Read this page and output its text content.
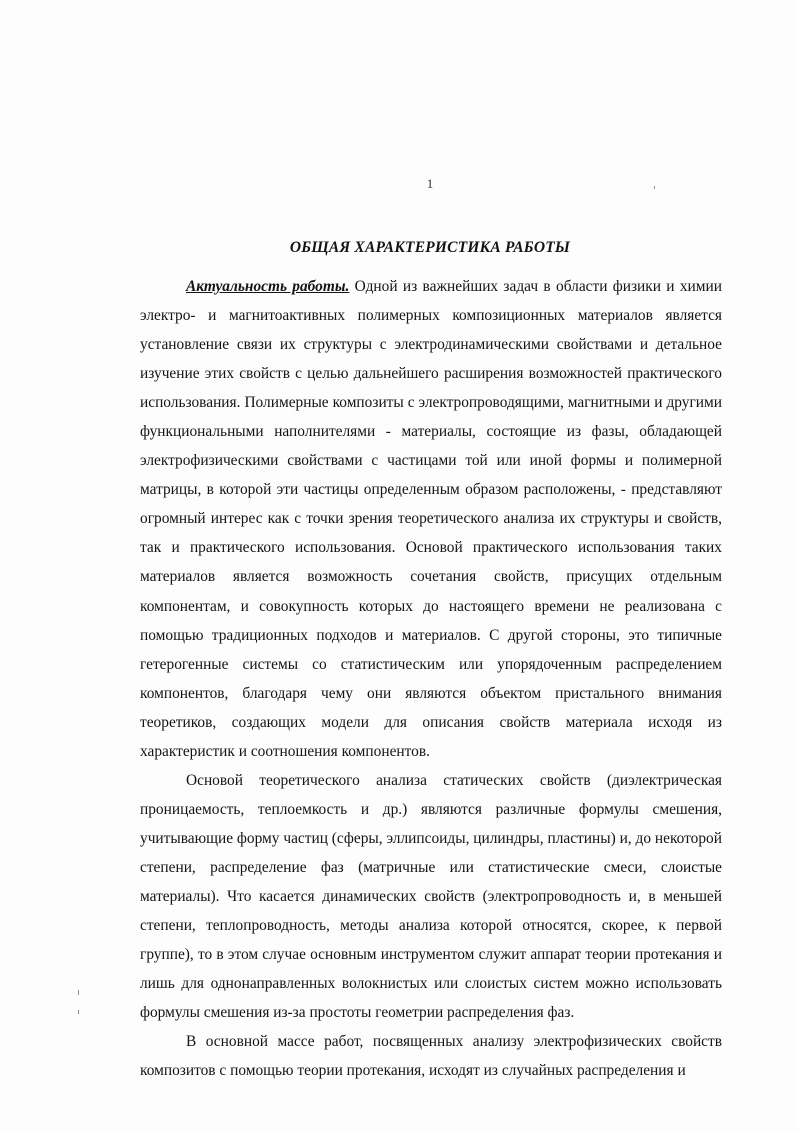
1
ОБЩАЯ ХАРАКТЕРИСТИКА РАБОТЫ

Актуальность работы. Одной из важнейших задач в области физики и химии электро- и магнитоактивных полимерных композиционных материалов является установление связи их структуры с электродинамическими свойствами и детальное изучение этих свойств с целью дальнейшего расширения возможностей практического использования. Полимерные композиты с электропроводящими, магнитными и другими функциональными наполнителями - материалы, состоящие из фазы, обладающей электрофизическими свойствами с частицами той или иной формы и полимерной матрицы, в которой эти частицы определенным образом расположены, - представляют огромный интерес как с точки зрения теоретического анализа их структуры и свойств, так и практического использования. Основой практического использования таких материалов является возможность сочетания свойств, присущих отдельным компонентам, и совокупность которых до настоящего времени не реализована с помощью традиционных подходов и материалов. С другой стороны, это типичные гетерогенные системы со статистическим или упорядоченным распределением компонентов, благодаря чему они являются объектом пристального внимания теоретиков, создающих модели для описания свойств материала исходя из характеристик и соотношения компонентов.

Основой теоретического анализа статических свойств (диэлектрическая проницаемость, теплоемкость и др.) являются различные формулы смешения, учитывающие форму частиц (сферы, эллипсоиды, цилиндры, пластины) и, до некоторой степени, распределение фаз (матричные или статистические смеси, слоистые материалы). Что касается динамических свойств (электропроводность и, в меньшей степени, теплопроводность, методы анализа которой относятся, скорее, к первой группе), то в этом случае основным инструментом служит аппарат теории протекания и лишь для однонаправленных волокнистых или слоистых систем можно использовать формулы смешения из-за простоты геометрии распределения фаз.

В основной массе работ, посвященных анализу электрофизических свойств композитов с помощью теории протекания, исходят из случайных распределения и
